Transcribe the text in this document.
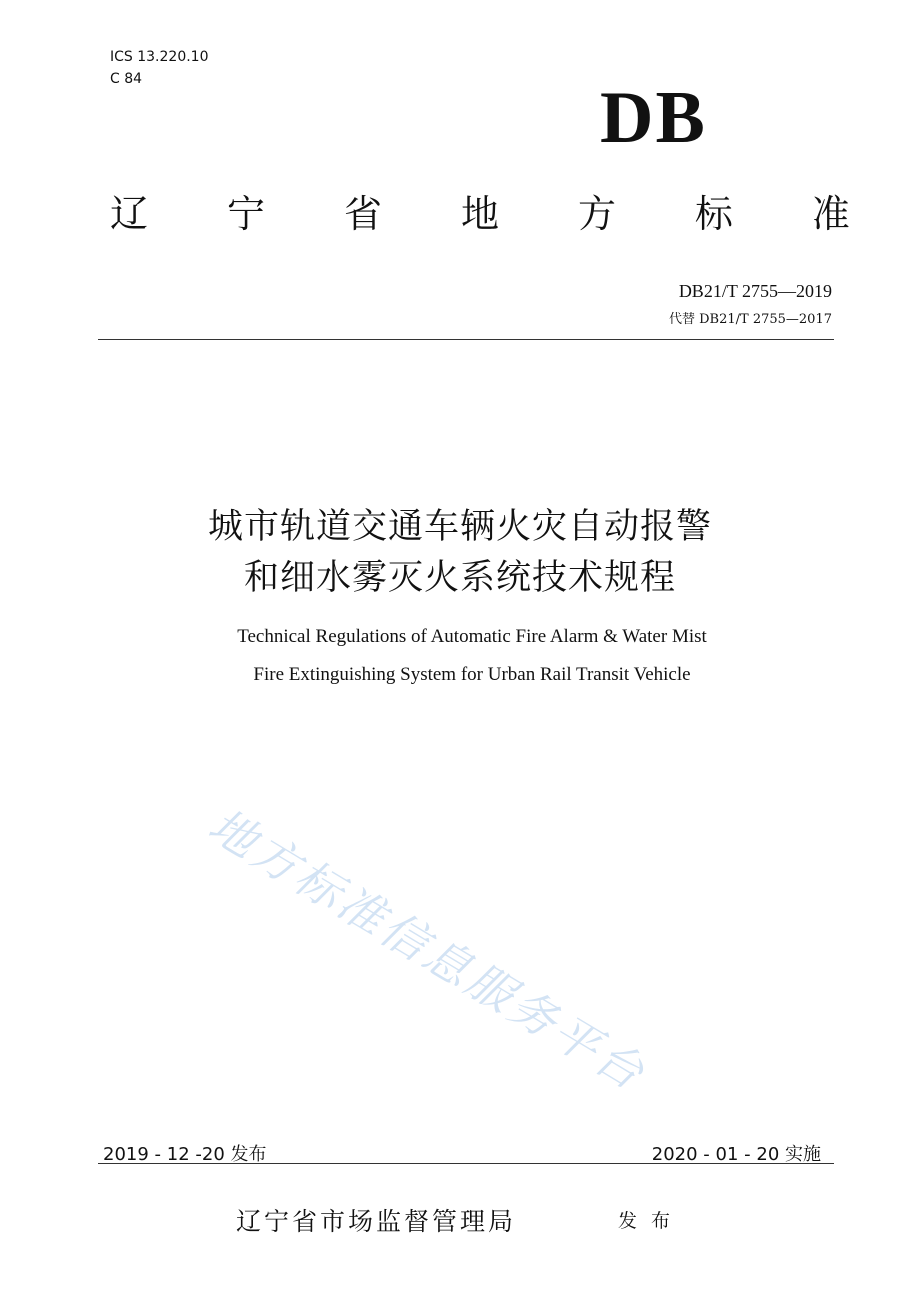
ICS 13.220.10
C 84	DB
辽 宁 省 地 方 标 准
DB21/T 2755—2019
代替 DB21/T 2755—2017
城市轨道交通车辆火灾自动报警
和细水雾灭火系统技术规程
Technical Regulations of Automatic Fire Alarm & Water Mist
Fire Extinguishing System for Urban Rail Transit Vehicle
地方标准信息服务平台
2019 - 12 -20 发布	2020 - 01 - 20 实施
辽宁省市场监督管理局	发布
